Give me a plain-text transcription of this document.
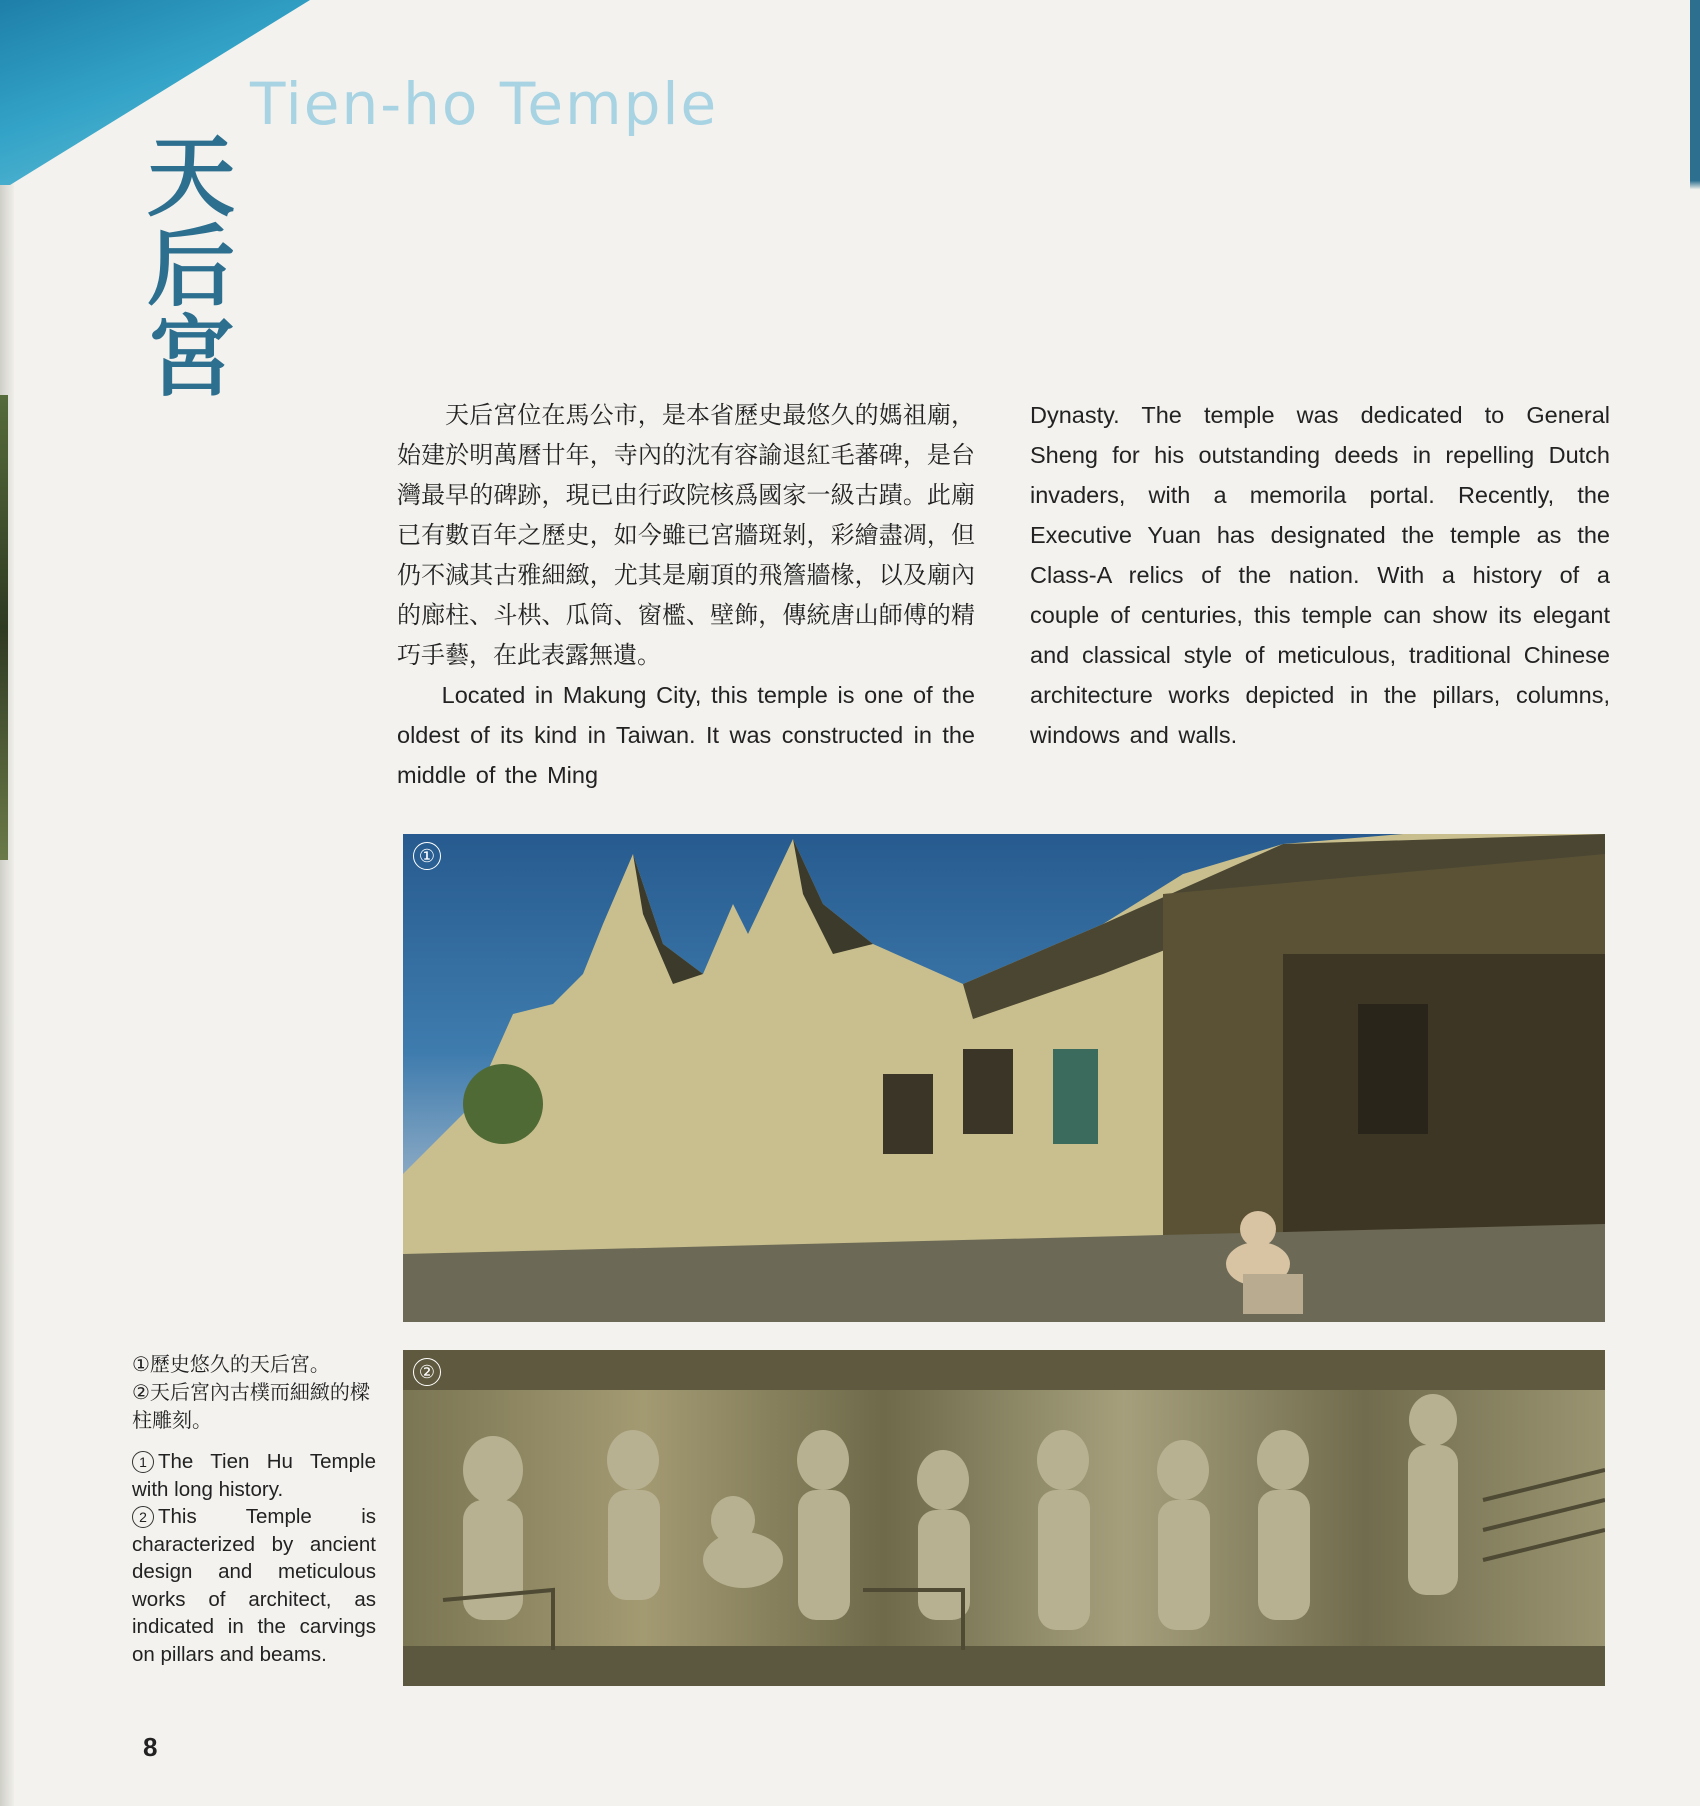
Tien-ho Temple
天后宮

天后宮位在馬公市，是本省歷史最悠久的媽祖廟，始建於明萬曆廿年，寺內的沈有容諭退紅毛蕃碑，是台灣最早的碑跡，現已由行政院核爲國家一級古蹟。此廟已有數百年之歷史，如今雖已宮牆斑剝，彩繪盡凋，但仍不減其古雅細緻，尤其是廟頂的飛簷牆椽，以及廟內的廊柱、斗栱、瓜筒、窗檻、壁飾，傳統唐山師傅的精巧手藝，在此表露無遺。

Located in Makung City, this temple is one of the oldest of its kind in Taiwan. It was constructed in the middle of the Ming

Dynasty. The temple was dedicated to General Sheng for his outstanding deeds in repelling Dutch invaders, with a memorila portal. Recently, the Executive Yuan has designated the temple as the Class-A relics of the nation. With a history of a couple of centuries, this temple can show its elegant and classical style of meticulous, traditional Chinese architecture works depicted in the pillars, columns, windows and walls.

①
②

①歷史悠久的天后宮。
②天后宮內古樸而細緻的樑柱雕刻。

1 The Tien Hu Temple with long history.
2 This Temple is characterized by ancient design and meticulous works of architect, as indicated in the carvings on pillars and beams.

8
